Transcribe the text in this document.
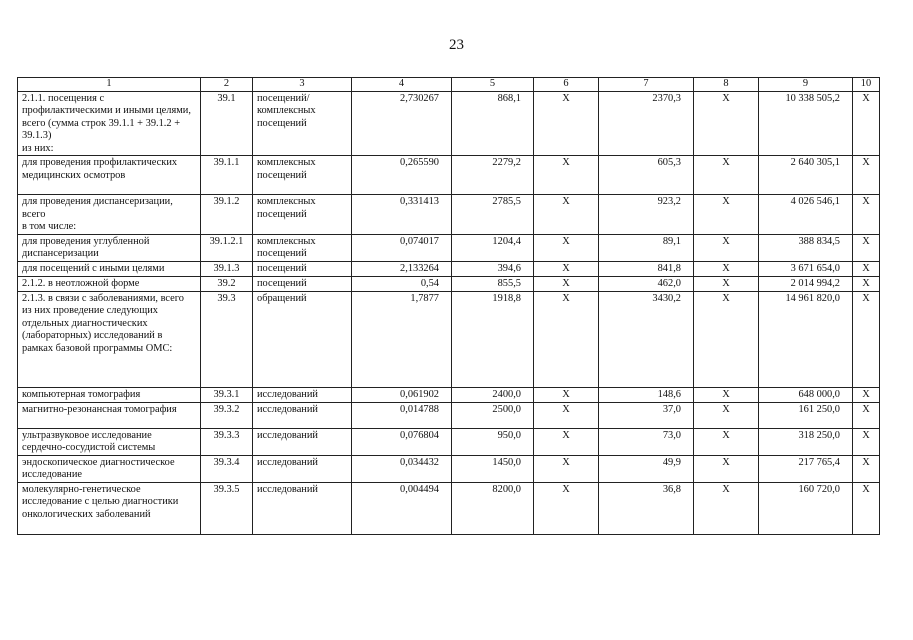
23
1	2	3	4	5	6	7	8	9	10
2.1.1. посещения с профилактическими и иными целями, всего (сумма строк 39.1.1 + 39.1.2 + 39.1.3)
из них:	39.1	посещений/ комплексных посещений	2,730267	868,1	Х	2370,3	Х	10 338 505,2	Х
для проведения профилактических медицинских осмотров	39.1.1	комплексных посещений	0,265590	2279,2	Х	605,3	Х	2 640 305,1	Х
для проведения диспансеризации, всего
в том числе:	39.1.2	комплексных посещений	0,331413	2785,5	Х	923,2	Х	4 026 546,1	Х
для проведения углубленной диспансеризации	39.1.2.1	комплексных посещений	0,074017	1204,4	Х	89,1	Х	388 834,5	Х
для посещений с иными целями	39.1.3	посещений	2,133264	394,6	Х	841,8	Х	3 671 654,0	Х
2.1.2. в неотложной форме	39.2	посещений	0,54	855,5	Х	462,0	Х	2 014 994,2	Х
2.1.3. в связи с заболеваниями, всего
из них проведение следующих отдельных диагностических (лабораторных) исследований в рамках базовой программы ОМС:	39.3	обращений	1,7877	1918,8	Х	3430,2	Х	14 961 820,0	Х
компьютерная томография	39.3.1	исследований	0,061902	2400,0	Х	148,6	Х	648 000,0	Х
магнитно-резонансная томография	39.3.2	исследований	0,014788	2500,0	Х	37,0	Х	161 250,0	Х
ультразвуковое исследование сердечно-сосудистой системы	39.3.3	исследований	0,076804	950,0	Х	73,0	Х	318 250,0	Х
эндоскопическое диагностическое исследование	39.3.4	исследований	0,034432	1450,0	Х	49,9	Х	217 765,4	Х
молекулярно-генетическое исследование с целью диагностики онкологических заболеваний	39.3.5	исследований	0,004494	8200,0	Х	36,8	Х	160 720,0	Х
